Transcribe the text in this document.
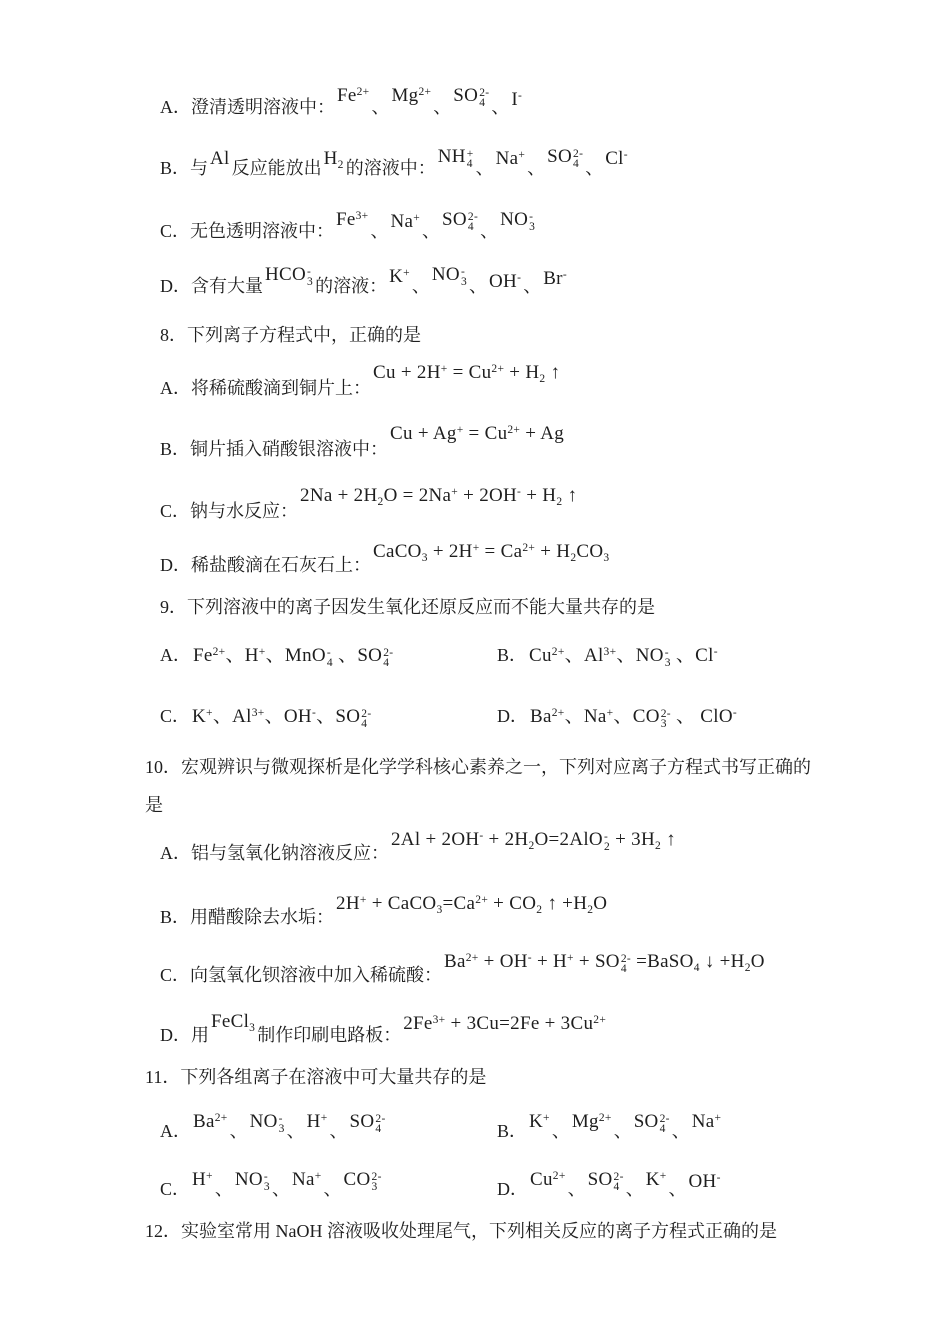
A．澄清透明溶液中：$Fe^{2+}$、$Mg^{2+}$、SO 2-
4 、 I-
B．与 Al 反应能放出 $H_2$ 的溶液中：NH +
4 、 Na+、SO 2-
4 、 Cl-
C．无色透明溶液中：$Fe^{3+}$、 Na+、SO 2-
4 、NO -
3
D．含有大量HCO -
3 的溶液： K+、NO -
3 、 OH- 、 Br-
8．下列离子方程式中，正确的是
A．将稀硫酸滴到铜片上：$Cu + 2H^+ = Cu^{2+} + H_2$ ↑
B．铜片插入硝酸银溶液中：$Cu + Ag^+ = Cu^{2+} + Ag$
C．钠与水反应：$2Na + 2H_2O = 2Na^+ + 2OH^- + H_2$ ↑
D．稀盐酸滴在石灰石上：CaCO$_3$ + $2H^+ = Ca^{2+} + H_2CO_3$
9．下列溶液中的离子因发生氧化还原反应而不能大量共存的是
A． $Fe^{2+}$、H+、MnO -
4 、SO 2-
4	B． $Cu^{2+}$、$Al^{3+}$、NO -
3 、Cl-
C． K+、$Al^{3+}$、OH-、SO 2-
4	D． $Ba^{2+}$、Na+、CO 2-
3 、 ClO-
10．宏观辨识与微观探析是化学学科核心素养之一，下列对应离子方程式书写正确的
是
A．铝与氢氧化钠溶液反应：$2Al + 2OH^- + 2H_2O=2AlO$ -
$2 + 3H_2$ ↑
B．用醋酸除去水垢：$2H^+ + CaCO_3=Ca^{2+} + CO_2$ ↑ $+H_2O$
C．向氢氧化钡溶液中加入稀硫酸：$Ba^{2+} + OH^- + H^+$ + SO 2-
4 =BaSO$_4$ ↓ $+H_2O$
D．用FeCl$_3$ 制作印刷电路板：$2Fe^{3+} + 3Cu=2Fe + 3Cu^{2+}$
11．下列各组离子在溶液中可大量共存的是
A． $Ba^{2+}$、 NO -
3 、 H+、 SO 2-
4	B． K+、 $Mg^{2+}$、 SO 2-
4 、 Na+
C． H+、 NO -
3 、 Na+、 CO 2-
3	D． $Cu^{2+}$、 SO 2-
4 、 K+、 OH-
12．实验室常用 NaOH 溶液吸收处理尾气，下列相关反应的离子方程式正确的是
